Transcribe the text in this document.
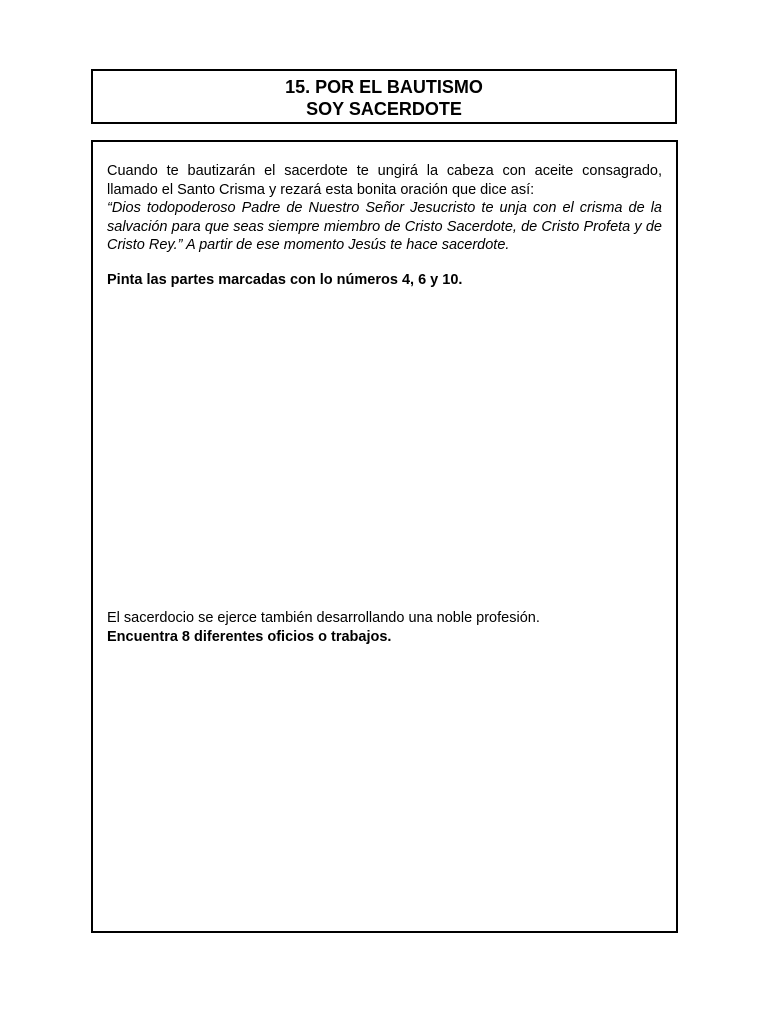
15. POR EL BAUTISMO
SOY SACERDOTE

Cuando te bautizarán el sacerdote te ungirá la cabeza con aceite consagrado, llamado el Santo Crisma y rezará esta bonita oración que dice así:
“Dios todopoderoso Padre de Nuestro Señor Jesucristo te unja con el crisma de la salvación para que seas siempre miembro de Cristo Sacerdote, de Cristo Profeta y de Cristo Rey.” A partir de ese momento Jesús te hace sacerdote.

Pinta las partes marcadas con lo números 4, 6 y 10.

El sacerdocio se ejerce también desarrollando una noble profesión.

Encuentra 8 diferentes oficios o trabajos.
